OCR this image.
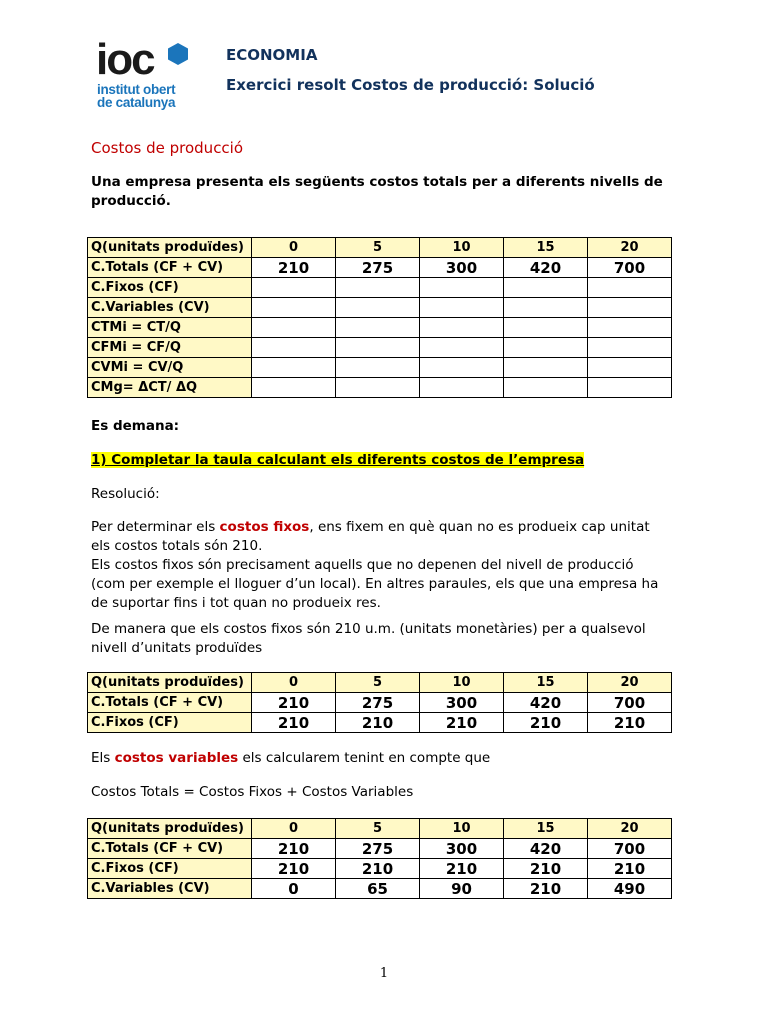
ioc
institut obert
de catalunya
ECONOMIA
Exercici resolt Costos de producció: Solució
Costos de producció
Una empresa presenta els següents costos totals per a diferents nivells de
producció.
Q(unitats produïdes)	0	5	10	15	20
C.Totals (CF + CV)	210	275	300	420	700
C.Fixos (CF)					
C.Variables (CV)					
CTMi = CT/Q					
CFMi = CF/Q					
CVMi = CV/Q					
CMg= ΔCT/ ΔQ					
Es demana:
1) Completar la taula calculant els diferents costos de l’empresa
Resolució:
Per determinar els costos fixos, ens fixem en què quan no es produeix cap unitat
els costos totals són 210.
Els costos fixos són precisament aquells que no depenen del nivell de producció
(com per exemple el lloguer d’un local). En altres paraules, els que una empresa ha
de suportar fins i tot quan no produeix res.
De manera que els costos fixos són 210 u.m. (unitats monetàries) per a qualsevol
nivell d’unitats produïdes
Q(unitats produïdes)	0	5	10	15	20
C.Totals (CF + CV)	210	275	300	420	700
C.Fixos (CF)	210	210	210	210	210
Els costos variables els calcularem tenint en compte que
Costos Totals = Costos Fixos + Costos Variables
Q(unitats produïdes)	0	5	10	15	20
C.Totals (CF + CV)	210	275	300	420	700
C.Fixos (CF)	210	210	210	210	210
C.Variables (CV)	0	65	90	210	490
1
